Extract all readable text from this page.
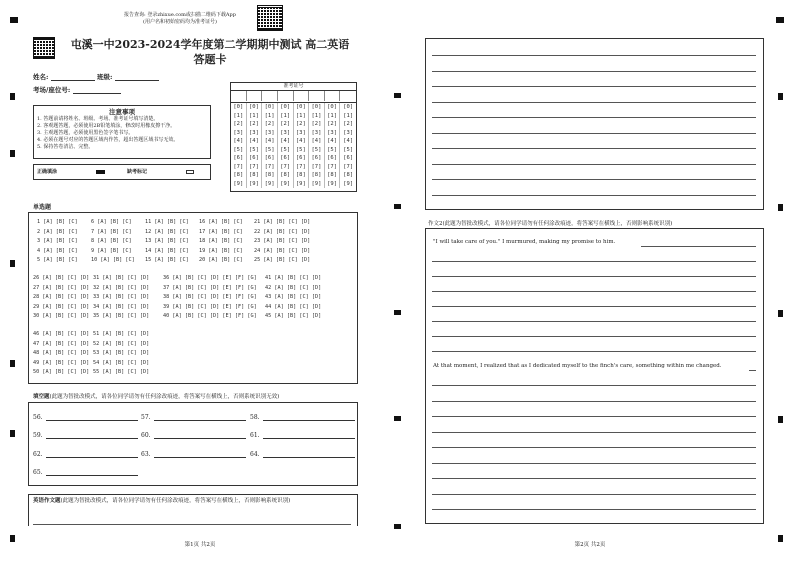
报告查询: 登录zhixue.com或扫描二维码下载App
(用户名和初始密码均为准考证号)
屯溪一中2023-2024学年度第二学期期中测试 高二英语
答题卡
姓名:	班级:
考场/座位号:
注意事项
1. 答题前请将姓名、班级、考场、准考证号填写清楚。
2. 客观题答题，必须使用2B铅笔填涂，修改时用橡皮擦干净。
3. 主观题答题，必须使用黑色签字笔书写。
4. 必须在题号对应的答题区域内作答，超出答题区域书写无效。
5. 保持答卷清洁、完整。
正确填涂	缺考标记
准考证号
[0]	[0]	[0]	[0]	[0]	[0]	[0]	[0]
[1]	[1]	[1]	[1]	[1]	[1]	[1]	[1]
[2]	[2]	[2]	[2]	[2]	[2]	[2]	[2]
[3]	[3]	[3]	[3]	[3]	[3]	[3]	[3]
[4]	[4]	[4]	[4]	[4]	[4]	[4]	[4]
[5]	[5]	[5]	[5]	[5]	[5]	[5]	[5]
[6]	[6]	[6]	[6]	[6]	[6]	[6]	[6]
[7]	[7]	[7]	[7]	[7]	[7]	[7]	[7]
[8]	[8]	[8]	[8]	[8]	[8]	[8]	[8]
[9]	[9]	[9]	[9]	[9]	[9]	[9]	[9]
单选题
1 [A] [B] [C]	6 [A] [B] [C]	11 [A] [B] [C] 16 [A] [B] [C] 21 [A] [B] [C] [D]
2 [A] [B] [C]	7 [A] [B] [C]	12 [A] [B] [C] 17 [A] [B] [C] 22 [A] [B] [C] [D]
3 [A] [B] [C]	8 [A] [B] [C]	13 [A] [B] [C] 18 [A] [B] [C] 23 [A] [B] [C] [D]
4 [A] [B] [C]	9 [A] [B] [C]	14 [A] [B] [C] 19 [A] [B] [C] 24 [A] [B] [C] [D]
5 [A] [B] [C]	10 [A] [B] [C] 15 [A] [B] [C] 20 [A] [B] [C] 25 [A] [B] [C] [D]
26 [A] [B] [C] [D] 31 [A] [B] [C] [D]	36 [A] [B] [C] [D] [E] [F] [G] 41 [A] [B] [C] [D]
27 [A] [B] [C] [D] 32 [A] [B] [C] [D]	37 [A] [B] [C] [D] [E] [F] [G] 42 [A] [B] [C] [D]
28 [A] [B] [C] [D] 33 [A] [B] [C] [D]	38 [A] [B] [C] [D] [E] [F] [G] 43 [A] [B] [C] [D]
29 [A] [B] [C] [D] 34 [A] [B] [C] [D]	39 [A] [B] [C] [D] [E] [F] [G] 44 [A] [B] [C] [D]
30 [A] [B] [C] [D] 35 [A] [B] [C] [D]	40 [A] [B] [C] [D] [E] [F] [G] 45 [A] [B] [C] [D]
46 [A] [B] [C] [D] 51 [A] [B] [C] [D]
47 [A] [B] [C] [D] 52 [A] [B] [C] [D]
48 [A] [B] [C] [D] 53 [A] [B] [C] [D]
49 [A] [B] [C] [D] 54 [A] [B] [C] [D]
50 [A] [B] [C] [D] 55 [A] [B] [C] [D]
填空题(此题为智批改模式，请各位同学请勿有任何涂改痕迹，将答案写在横线上，否则系统识别无效)
56.	57.	58.
59.	60.	61.
62.	63.	64.
65.
英语作文题(此题为智批改模式，请各位同学请勿有任何涂改痕迹，将答案写在横线上，否则影响系统识别)
第1页 共2页
作文2(此题为智批改模式，请各位同学请勿有任何涂改痕迹，将答案写在横线上，否则影响系统识别)
"I will take care of you." I murmured, making my promise to him.
At that moment, I realized that as I dedicated myself to the finch's care, something within me changed.
第2页 共2页
